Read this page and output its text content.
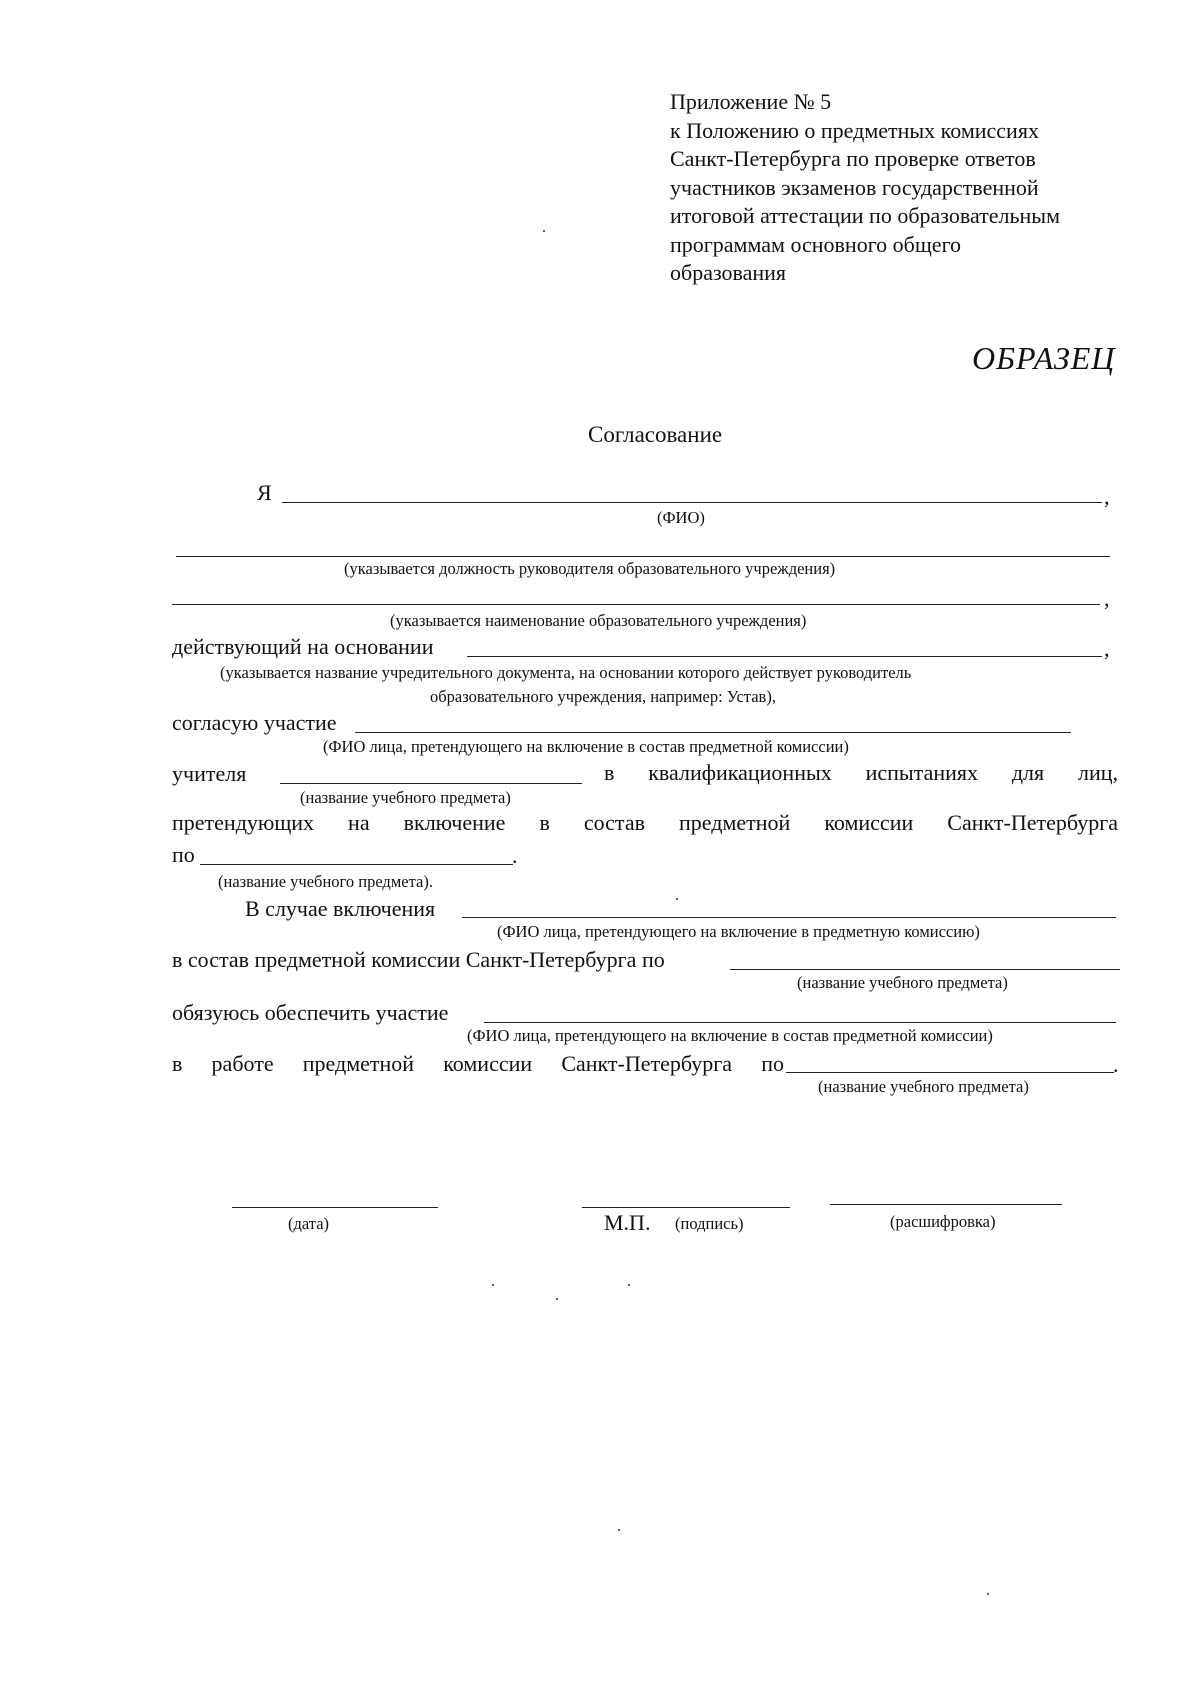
Приложение № 5
к Положению о предметных комиссиях
Санкт-Петербурга по проверке ответов
участников экзаменов государственной
итоговой аттестации по образовательным
программам основного общего
образования
ОБРАЗЕЦ
Согласование
Я	,
(ФИО)
(указывается должность руководителя образовательного учреждения)
,
(указывается наименование образовательного учреждения)
действующий на основании	,
(указывается название учредительного документа, на основании которого действует руководитель
образовательного учреждения, например: Устав),
согласую участие
(ФИО лица, претендующего на включение в состав предметной комиссии)
учителя	в квалификационных испытаниях для лиц,
(название учебного предмета)
претендующих на включение в состав предметной комиссии Санкт-Петербурга
по	.
(название учебного предмета).
В случае включения
(ФИО лица, претендующего на включение в предметную комиссию)
в состав предметной комиссии Санкт-Петербурга по
(название учебного предмета)
обязуюсь обеспечить участие
(ФИО лица, претендующего на включение в состав предметной комиссии)
в работе предметной комиссии Санкт-Петербурга по	.
(название учебного предмета)
(дата)	М.П. (подпись)	(расшифровка)
